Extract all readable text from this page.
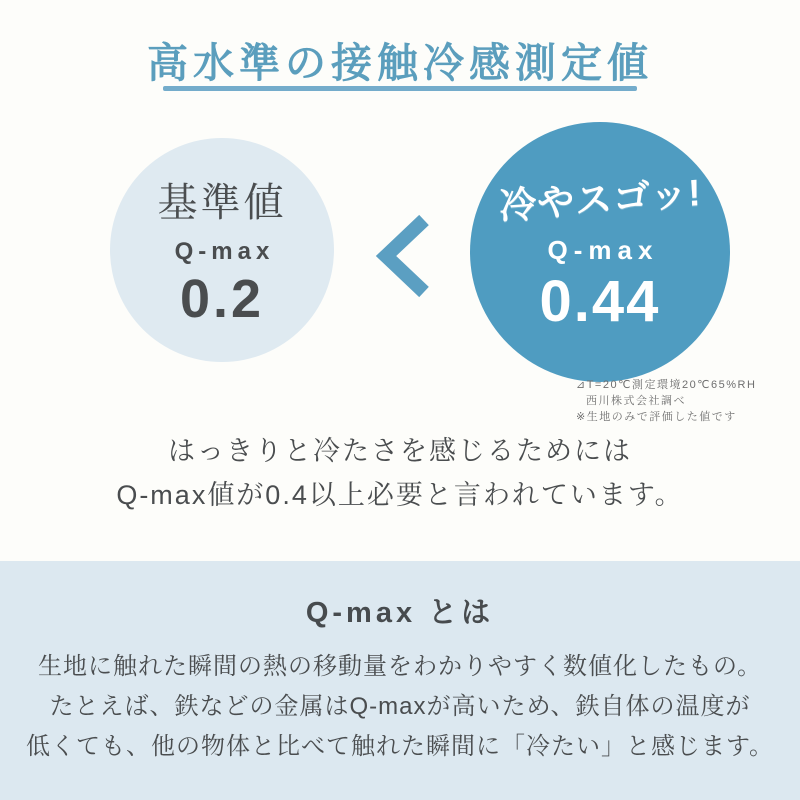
高水準の接触冷感測定値
基準値
Q-max
0.2
冷やスゴッ!
Q-max
0.44
⊿T=20℃測定環境20℃65%RH
西川株式会社調べ
※生地のみで評価した値です
はっきりと冷たさを感じるためには
Q-max値が0.4以上必要と言われています。
Q-max とは
生地に触れた瞬間の熱の移動量をわかりやすく数値化したもの。
たとえば、鉄などの金属はQ-maxが高いため、鉄自体の温度が
低くても、他の物体と比べて触れた瞬間に「冷たい」と感じます。
